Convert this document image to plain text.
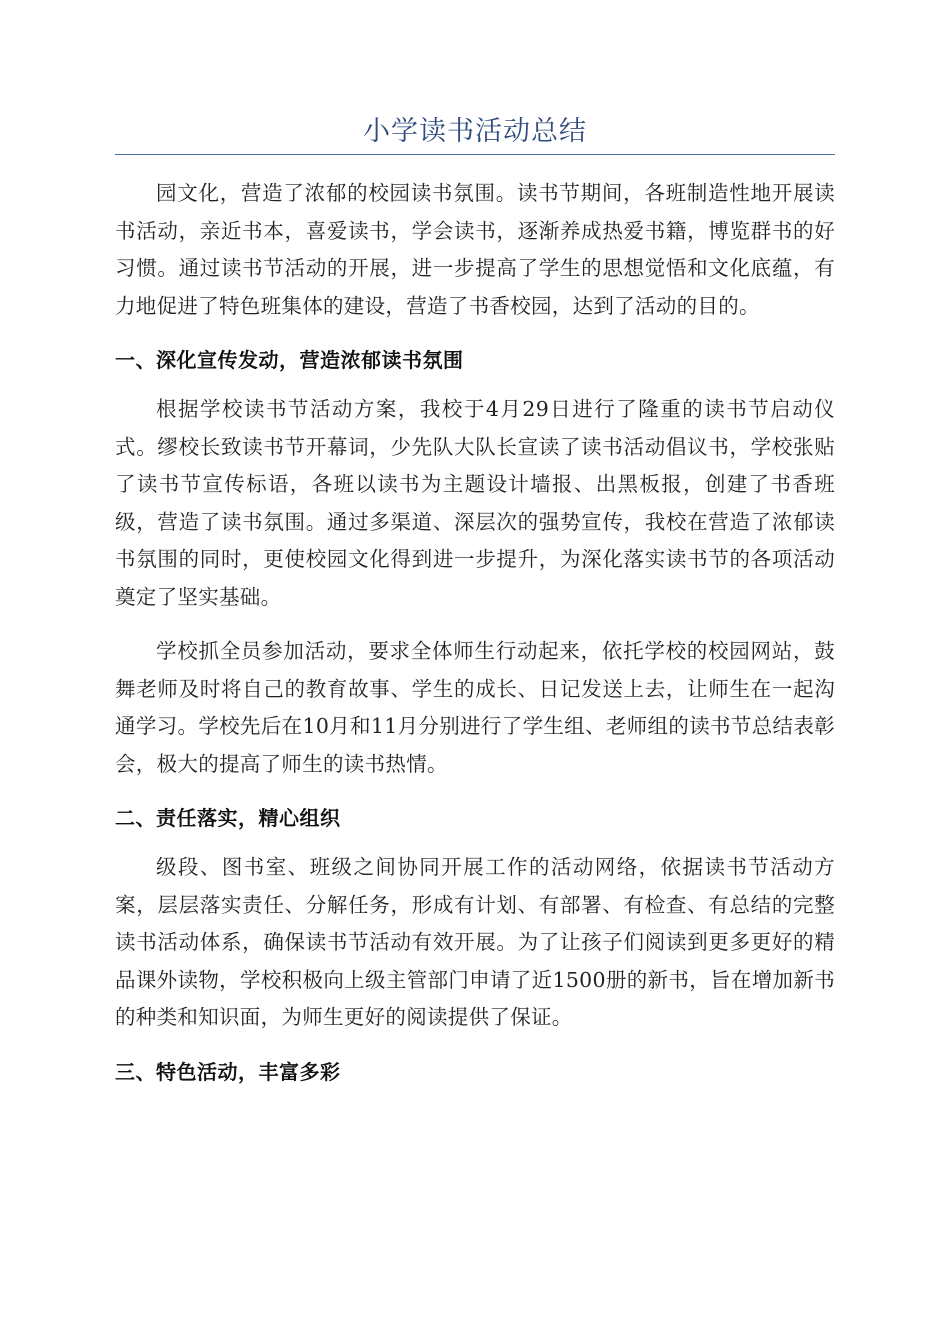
小学读书活动总结

园文化，营造了浓郁的校园读书氛围。读书节期间，各班制造性地开展读书活动，亲近书本，喜爱读书，学会读书，逐渐养成热爱书籍，博览群书的好习惯。通过读书节活动的开展，进一步提高了学生的思想觉悟和文化底蕴，有力地促进了特色班集体的建设，营造了书香校园，达到了活动的目的。

一、深化宣传发动，营造浓郁读书氛围

根据学校读书节活动方案，我校于4月29日进行了隆重的读书节启动仪式。缪校长致读书节开幕词，少先队大队长宣读了读书活动倡议书，学校张贴了读书节宣传标语，各班以读书为主题设计墙报、出黑板报，创建了书香班级，营造了读书氛围。通过多渠道、深层次的强势宣传，我校在营造了浓郁读书氛围的同时，更使校园文化得到进一步提升，为深化落实读书节的各项活动奠定了坚实基础。

学校抓全员参加活动，要求全体师生行动起来，依托学校的校园网站，鼓舞老师及时将自己的教育故事、学生的成长、日记发送上去，让师生在一起沟通学习。学校先后在10月和11月分别进行了学生组、老师组的读书节总结表彰会，极大的提高了师生的读书热情。

二、责任落实，精心组织

级段、图书室、班级之间协同开展工作的活动网络，依据读书节活动方案，层层落实责任、分解任务，形成有计划、有部署、有检查、有总结的完整读书活动体系，确保读书节活动有效开展。为了让孩子们阅读到更多更好的精品课外读物，学校积极向上级主管部门申请了近1500册的新书，旨在增加新书的种类和知识面，为师生更好的阅读提供了保证。

三、特色活动，丰富多彩
